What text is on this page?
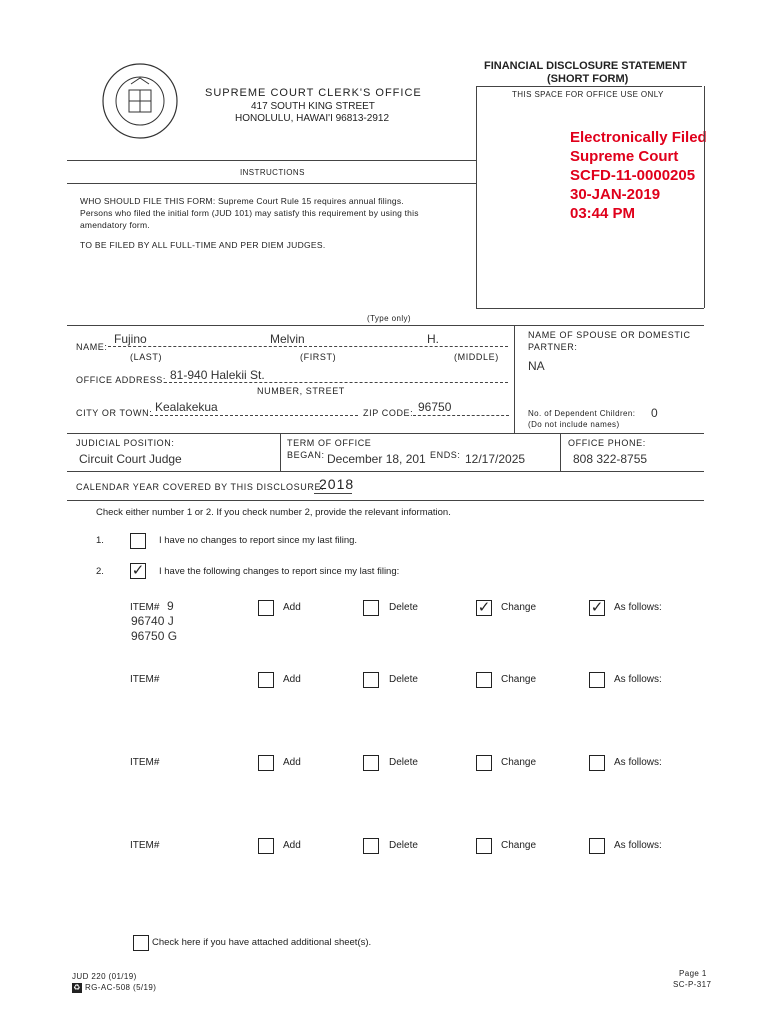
SUPREME COURT CLERK'S OFFICE
417 SOUTH KING STREET
HONOLULU, HAWAI'I 96813-2912
FINANCIAL DISCLOSURE STATEMENT
(SHORT FORM)
THIS SPACE FOR OFFICE USE ONLY
Electronically Filed
Supreme Court
SCFD-11-0000205
30-JAN-2019
03:44 PM
INSTRUCTIONS
WHO SHOULD FILE THIS FORM: Supreme Court Rule 15 requires annual filings.
Persons who filed the initial form (JUD 101) may satisfy this requirement by using this
amendatory form.
TO BE FILED BY ALL FULL-TIME AND PER DIEM JUDGES.
(Type only)
NAME:
Fujino	Melvin	H.
(LAST)	(FIRST)	(MIDDLE)
NAME OF SPOUSE OR DOMESTIC
PARTNER:
NA
OFFICE ADDRESS: 81-940 Halekii St.
NUMBER, STREET
CITY OR TOWN: Kealakekua	ZIP CODE: 96750	No. of Dependent Children: 0
(Do not include names)
JUDICIAL POSITION:
Circuit Court Judge
TERM OF OFFICE
BEGAN: December 18, 201 ENDS: 12/17/2025
OFFICE PHONE:
808 322-8755
CALENDAR YEAR COVERED BY THIS DISCLOSURE:
2018
Check either number 1 or 2. If you check number 2, provide the relevant information.
1.	I have no changes to report since my last filing.
2. ✓ I have the following changes to report since my last filing:
ITEM# 9
96740 J
96750 G
Add	Delete	✓ Change	✓ As follows:
ITEM#	Add	Delete	Change	As follows:
ITEM#	Add	Delete	Change	As follows:
ITEM#	Add	Delete	Change	As follows:
Check here if you have attached additional sheet(s).
JUD 220 (01/19)
♻ RG-AC-508 (5/19)
Page 1
SC-P-317
